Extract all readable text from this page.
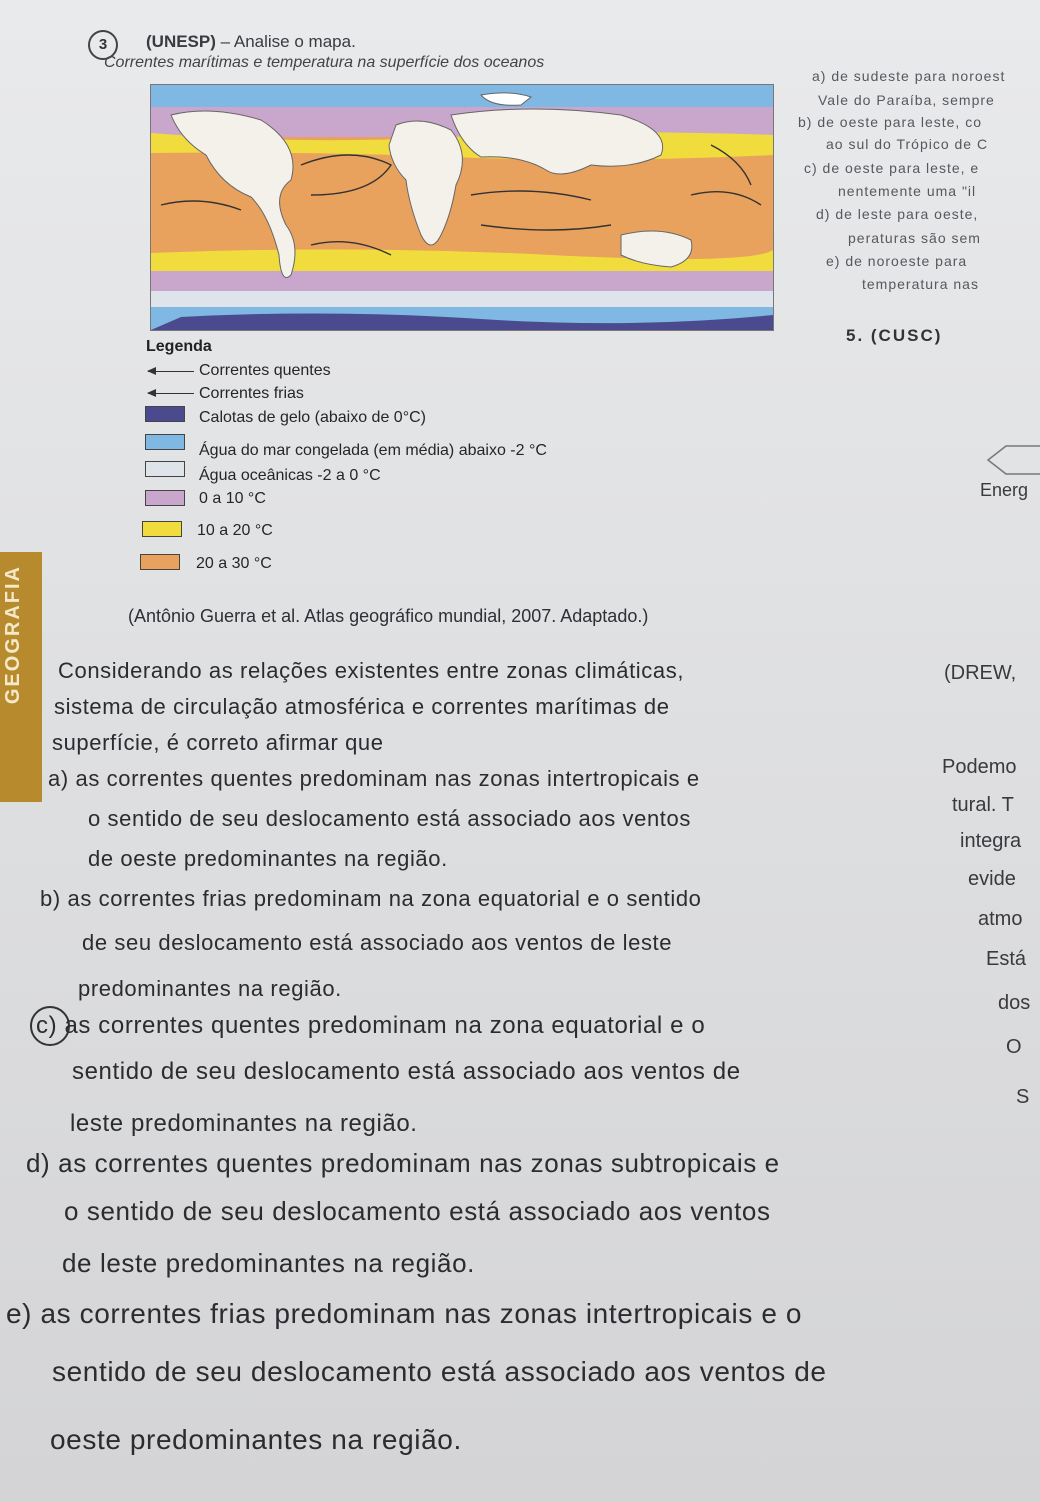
3	(UNESP) – Analise o mapa.
Correntes marítimas e temperatura na superfície dos oceanos
a) de sudeste para noroest
Vale do Paraíba, sempre
b) de oeste para leste, co
ao sul do Trópico de C
c) de oeste para leste, e
nentemente uma "il
d) de leste para oeste,
peraturas são sem
e) de noroeste para
temperatura nas
5. (CUSC)
Legenda
Correntes quentes
Correntes frias
Calotas de gelo (abaixo de 0°C)
Água do mar congelada (em média) abaixo -2 °C
Água oceânicas -2 a 0 °C
0 a 10 °C
10 a 20 °C
20 a 30 °C
Energ
(DREW,
Podemo
tural. T
integra
evide
atmo
Está
dos
O
S
(Antônio Guerra et al. Atlas geográfico mundial, 2007. Adaptado.)
GEOGRAFIA	Considerando as relações existentes entre zonas climáticas,
sistema de circulação atmosférica e correntes marítimas de
superfície, é correto afirmar que
a) as correntes quentes predominam nas zonas intertropicais e
o sentido de seu deslocamento está associado aos ventos
de oeste predominantes na região.
b) as correntes frias predominam na zona equatorial e o sentido
de seu deslocamento está associado aos ventos de leste
predominantes na região.
c) as correntes quentes predominam na zona equatorial e o
sentido de seu deslocamento está associado aos ventos de
leste predominantes na região.
d) as correntes quentes predominam nas zonas subtropicais e
o sentido de seu deslocamento está associado aos ventos
de leste predominantes na região.
e) as correntes frias predominam nas zonas intertropicais e o
sentido de seu deslocamento está associado aos ventos de
oeste predominantes na região.
